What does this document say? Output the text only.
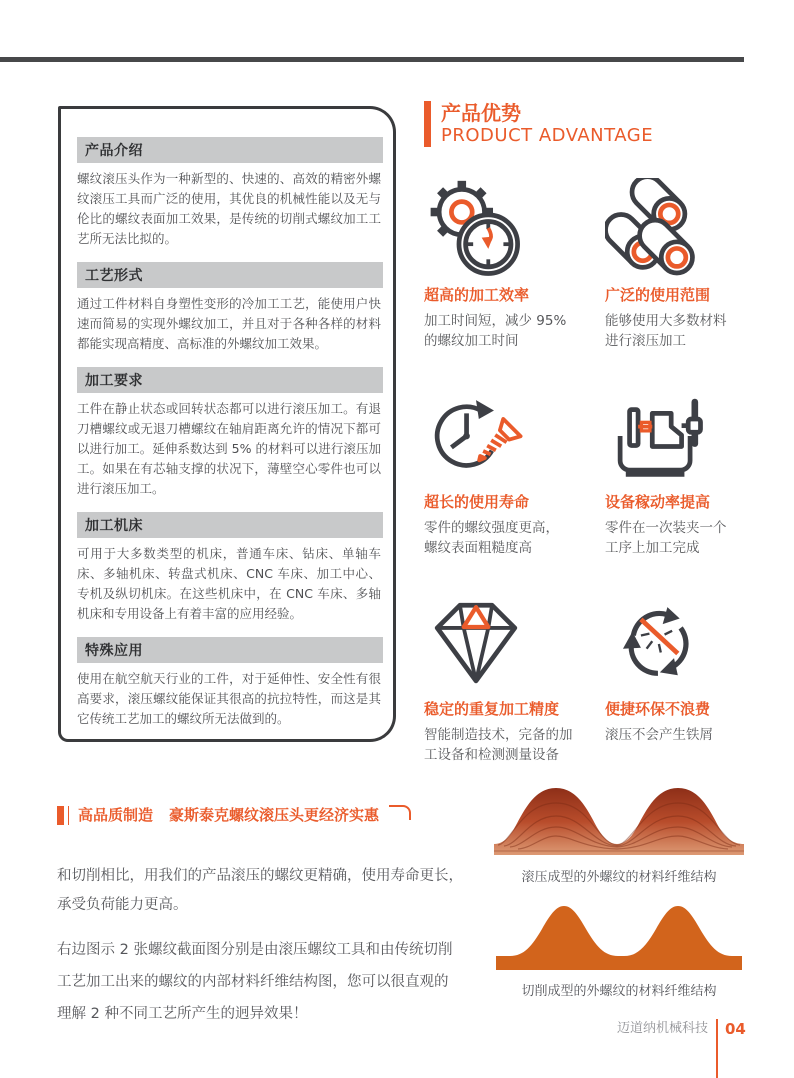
产品介绍

螺纹滚压头作为一种新型的、快速的、高效的精密外螺纹滚压工具而广泛的使用，其优良的机械性能以及无与伦比的螺纹表面加工效果，是传统的切削式螺纹加工工艺所无法比拟的。

工艺形式

通过工件材料自身塑性变形的冷加工工艺，能使用户快速而简易的实现外螺纹加工，并且对于各种各样的材料都能实现高精度、高标准的外螺纹加工效果。

加工要求

工件在静止状态或回转状态都可以进行滚压加工。有退刀槽螺纹或无退刀槽螺纹在轴肩距离允许的情况下都可以进行加工。延伸系数达到 5% 的材料可以进行滚压加工。如果在有芯轴支撑的状况下，薄壁空心零件也可以进行滚压加工。

加工机床

可用于大多数类型的机床，普通车床、钻床、单轴车床、多轴机床、转盘式机床、CNC 车床、加工中心、专机及纵切机床。在这些机床中，在 CNC 车床、多轴机床和专用设备上有着丰富的应用经验。

特殊应用

使用在航空航天行业的工件，对于延伸性、安全性有很高要求，滚压螺纹能保证其很高的抗拉特性，而这是其它传统工艺加工的螺纹所无法做到的。

产品优势
PRODUCT ADVANTAGE
超高的加工效率
加工时间短，减少 95%
的螺纹加工时间
广泛的使用范围
能够使用大多数材料
进行滚压加工
超长的使用寿命
零件的螺纹强度更高，
螺纹表面粗糙度高
设备稼动率提高
零件在一次装夹一个
工序上加工完成
稳定的重复加工精度
智能制造技术，完备的加
工设备和检测测量设备
便捷环保不浪费
滚压不会产生铁屑
高品质制造 豪斯泰克螺纹滚压头更经济实惠

和切削相比，用我们的产品滚压的螺纹更精确，使用寿命更长，
承受负荷能力更高。

右边图示 2 张螺纹截面图分别是由滚压螺纹工具和由传统切削
工艺加工出来的螺纹的内部材料纤维结构图，您可以很直观的
理解 2 种不同工艺所产生的迥异效果！

滚压成型的外螺纹的材料纤维结构
切削成型的外螺纹的材料纤维结构
迈道纳机械科技 04
